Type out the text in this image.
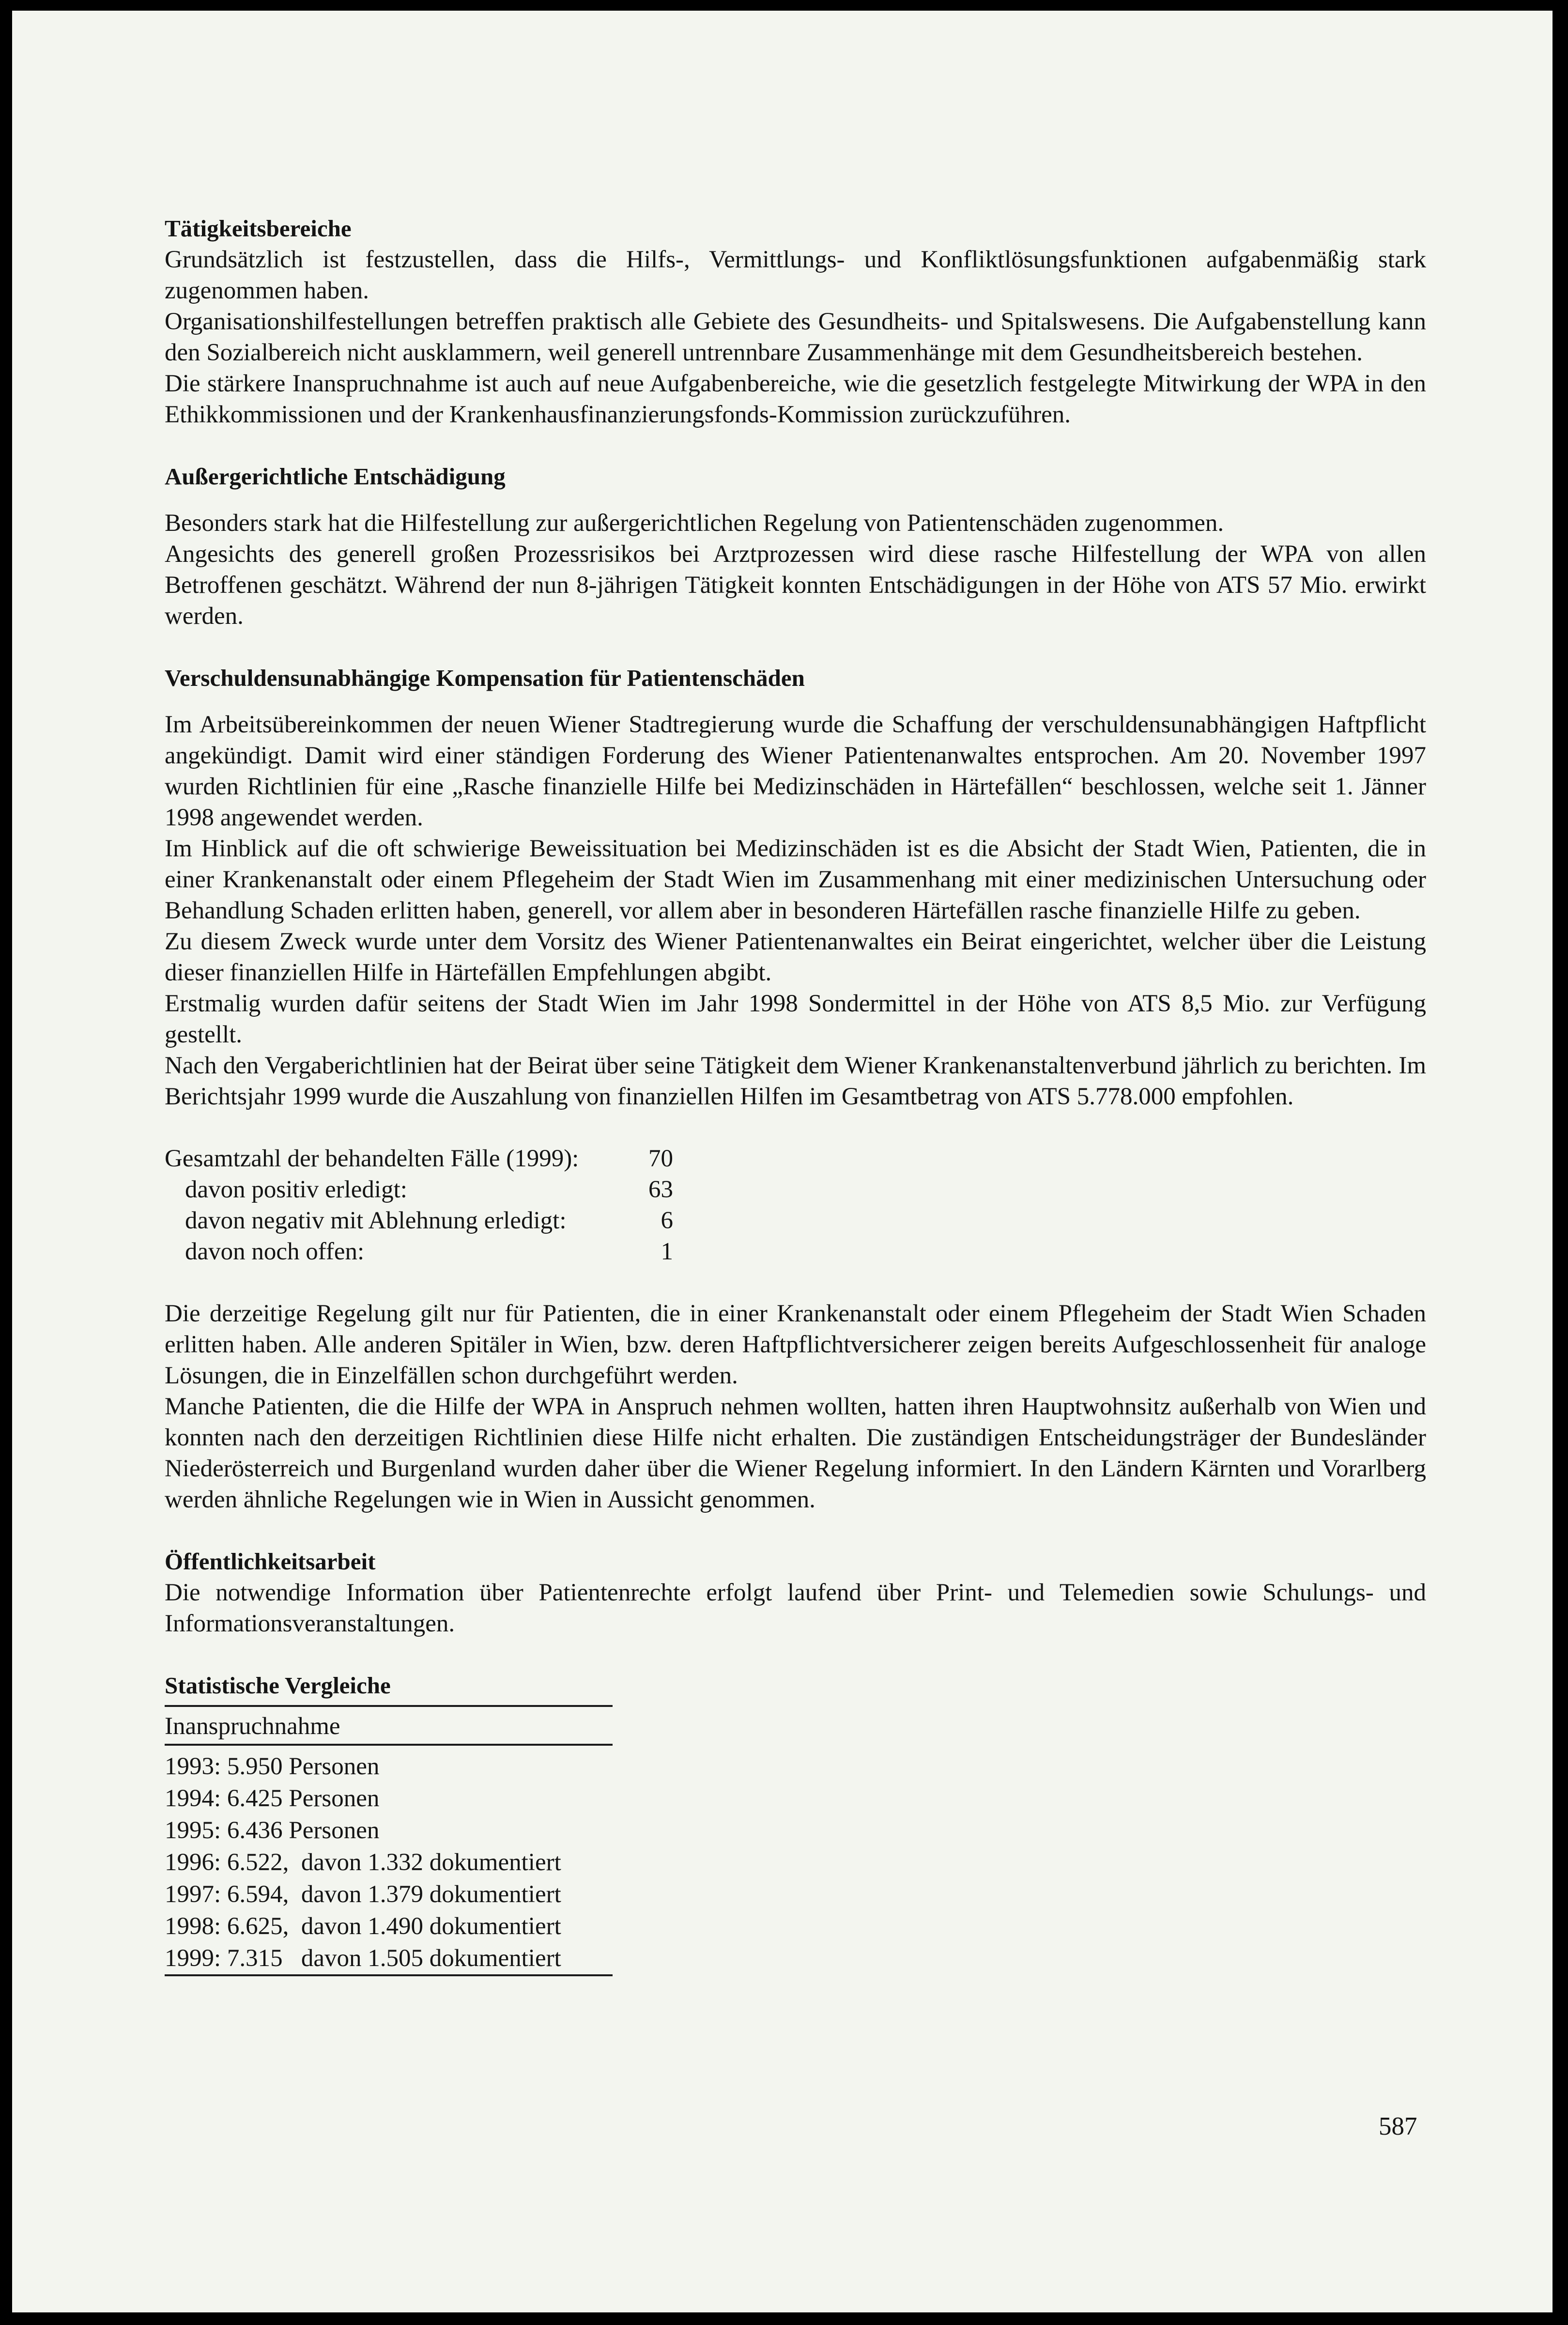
Tätigkeitsbereiche

Grundsätzlich ist festzustellen, dass die Hilfs-, Vermittlungs- und Konfliktlösungsfunktionen aufgabenmäßig stark zugenommen haben.

Organisationshilfestellungen betreffen praktisch alle Gebiete des Gesundheits- und Spitalswesens. Die Aufgabenstellung kann den Sozialbereich nicht ausklammern, weil generell untrennbare Zusammenhänge mit dem Gesundheitsbereich bestehen.

Die stärkere Inanspruchnahme ist auch auf neue Aufgabenbereiche, wie die gesetzlich festgelegte Mitwirkung der WPA in den Ethikkommissionen und der Krankenhausfinanzierungsfonds-Kommission zurückzuführen.

Außergerichtliche Entschädigung

Besonders stark hat die Hilfestellung zur außergerichtlichen Regelung von Patientenschäden zugenommen.

Angesichts des generell großen Prozessrisikos bei Arztprozessen wird diese rasche Hilfestellung der WPA von allen Betroffenen geschätzt. Während der nun 8-jährigen Tätigkeit konnten Entschädigungen in der Höhe von ATS 57 Mio. erwirkt werden.

Verschuldensunabhängige Kompensation für Patientenschäden

Im Arbeitsübereinkommen der neuen Wiener Stadtregierung wurde die Schaffung der verschuldensunabhängigen Haftpflicht angekündigt. Damit wird einer ständigen Forderung des Wiener Patientenanwaltes entsprochen. Am 20. November 1997 wurden Richtlinien für eine „Rasche finanzielle Hilfe bei Medizinschäden in Härtefällen“ beschlossen, welche seit 1. Jänner 1998 angewendet werden.

Im Hinblick auf die oft schwierige Beweissituation bei Medizinschäden ist es die Absicht der Stadt Wien, Patienten, die in einer Krankenanstalt oder einem Pflegeheim der Stadt Wien im Zusammenhang mit einer medizinischen Untersuchung oder Behandlung Schaden erlitten haben, generell, vor allem aber in besonderen Härtefällen rasche finanzielle Hilfe zu geben.

Zu diesem Zweck wurde unter dem Vorsitz des Wiener Patientenanwaltes ein Beirat eingerichtet, welcher über die Leistung dieser finanziellen Hilfe in Härtefällen Empfehlungen abgibt.

Erstmalig wurden dafür seitens der Stadt Wien im Jahr 1998 Sondermittel in der Höhe von ATS 8,5 Mio. zur Verfügung gestellt.

Nach den Vergaberichtlinien hat der Beirat über seine Tätigkeit dem Wiener Krankenanstaltenverbund jährlich zu berichten. Im Berichtsjahr 1999 wurde die Auszahlung von finanziellen Hilfen im Gesamtbetrag von ATS 5.778.000 empfohlen.

Gesamtzahl der behandelten Fälle (1999):	70
davon positiv erledigt:	63
davon negativ mit Ablehnung erledigt:	6
davon noch offen:	1

Die derzeitige Regelung gilt nur für Patienten, die in einer Krankenanstalt oder einem Pflegeheim der Stadt Wien Schaden erlitten haben. Alle anderen Spitäler in Wien, bzw. deren Haftpflichtversicherer zeigen bereits Aufgeschlossenheit für analoge Lösungen, die in Einzelfällen schon durchgeführt werden.

Manche Patienten, die die Hilfe der WPA in Anspruch nehmen wollten, hatten ihren Hauptwohnsitz außerhalb von Wien und konnten nach den derzeitigen Richtlinien diese Hilfe nicht erhalten. Die zuständigen Entscheidungsträger der Bundesländer Niederösterreich und Burgenland wurden daher über die Wiener Regelung informiert. In den Ländern Kärnten und Vorarlberg werden ähnliche Regelungen wie in Wien in Aussicht genommen.

Öffentlichkeitsarbeit

Die notwendige Information über Patientenrechte erfolgt laufend über Print- und Telemedien sowie Schulungs- und Informationsveranstaltungen.

Statistische Vergleiche
Inanspruchnahme
1993: 5.950 Personen
1994: 6.425 Personen
1995: 6.436 Personen
1996: 6.522,  davon 1.332 dokumentiert
1997: 6.594,  davon 1.379 dokumentiert
1998: 6.625,  davon 1.490 dokumentiert
1999: 7.315   davon 1.505 dokumentiert
587
